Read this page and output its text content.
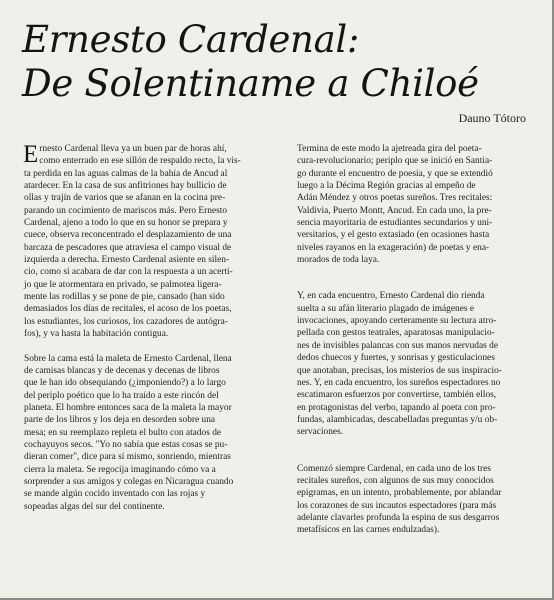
Ernesto Cardenal:
De Solentiname a Chiloé
Dauno Tótoro

E rnesto Cardenal lleva ya un buen par de horas ahí,
como enterrado en ese sillón de respaldo recto, la vis-
ta perdida en las aguas calmas de la bahía de Ancud al
atardecer. En la casa de sus anfitriones hay bullicio de
ollas y trajín de varios que se afanan en la cocina pre-
parando un cocimiento de mariscos más. Pero Ernesto
Cardenal, ajeno a todo lo que en su honor se prepara y
cuece, observa reconcentrado el desplazamiento de una
barcaza de pescadores que atraviesa el campo visual de
izquierda a derecha. Ernesto Cardenal asiente en silen-
cio, como si acabara de dar con la respuesta a un acerti-
jo que le atormentara en privado, se palmotea ligera-
mente las rodillas y se pone de pie, cansado (han sido
demasiados los días de recitales, el acoso de los poetas,
los estudiantes, los curiosos, los cazadores de autógra-
fos), y va hasta la habitación contigua.

Sobre la cama está la maleta de Ernesto Cardenal, llena
de camisas blancas y de decenas y decenas de libros
que le han ido obsequiando (¿imponiendo?) a lo largo
del periplo poético que lo ha traído a este rincón del
planeta. El hombre entonces saca de la maleta la mayor
parte de los libros y los deja en desorden sobre una
mesa; en su reemplazo repleta el bulto con atados de
cochayuyos secos. "Yo no sabía que estas cosas se pu-
dieran comer", dice para sí mismo, sonriendo, mientras
cierra la maleta. Se regocija imaginando cómo va a
sorprender a sus amigos y colegas en Nicaragua cuando
se mande algún cocido inventado con las rojas y
sopeadas algas del sur del continente.

Termina de este modo la ajetreada gira del poeta-
cura-revolucionario; periplo que se inició en Santia-
go durante el encuentro de poesía, y que se extendió
luego a la Décima Región gracias al empeño de
Adán Méndez y otros poetas sureños. Tres recitales:
Valdivia, Puerto Montt, Ancud. En cada uno, la pre-
sencia mayoritaria de estudiantes secundarios y uni-
versitarios, y el gesto extasiado (en ocasiones hasta
niveles rayanos en la exageración) de poetas y ena-
morados de toda laya.

Y, en cada encuentro, Ernesto Cardenal dio rienda
suelta a su afán literario plagado de imágenes e
invocaciones, apoyando certeramente su lectura atro-
pellada con gestos teatrales, aparatosas manipulacio-
nes de invisibles palancas con sus manos nervudas de
dedos chuecos y fuertes, y sonrisas y gesticulaciones
que anotaban, precisas, los misterios de sus inspiracio-
nes. Y, en cada encuentro, los sureños espectadores no
escatimaron esfuerzos por convertirse, también ellos,
en protagonistas del verbo, tapando al poeta con pro-
fundas, alambicadas, descabelladas preguntas y/u ob-
servaciones.

Comenzó siempre Cardenal, en cada uno de los tres
recitales sureños, con algunos de sus muy conocidos
epigramas, en un intento, probablemente, por ablandar
los corazones de sus incautos espectadores (para más
adelante clavarles profunda la espina de sus desgarros
metafísicos en las carnes endulzadas).
